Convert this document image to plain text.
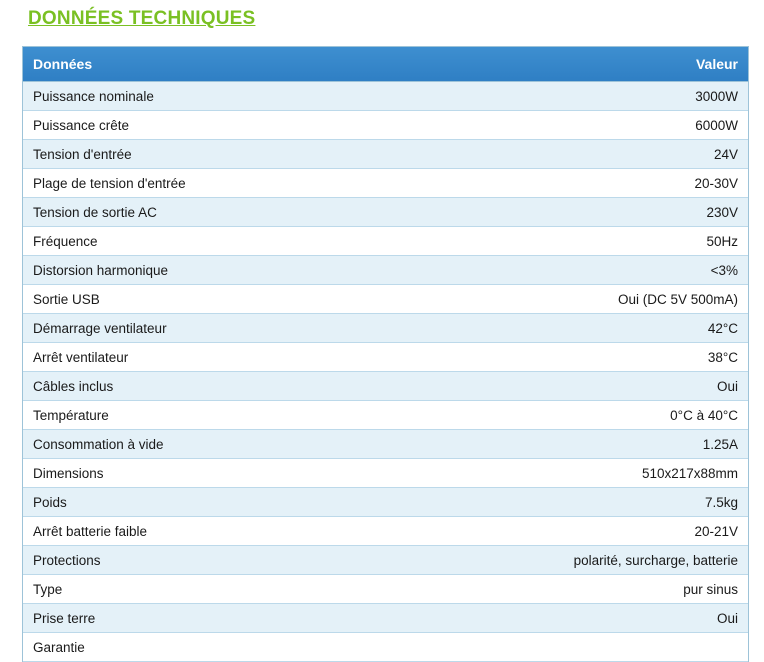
DONNÉES TECHNIQUES
Données	Valeur
Puissance nominale	3000W
Puissance crête	6000W
Tension d'entrée	24V
Plage de tension d'entrée	20-30V
Tension de sortie AC	230V
Fréquence	50Hz
Distorsion harmonique	<3%
Sortie USB	Oui (DC 5V 500mA)
Démarrage ventilateur	42°C
Arrêt ventilateur	38°C
Câbles inclus	Oui
Température	0°C à 40°C
Consommation à vide	1.25A
Dimensions	510x217x88mm
Poids	7.5kg
Arrêt batterie faible	20-21V
Protections	polarité, surcharge, batterie
Type	pur sinus
Prise terre	Oui
Garantie	
